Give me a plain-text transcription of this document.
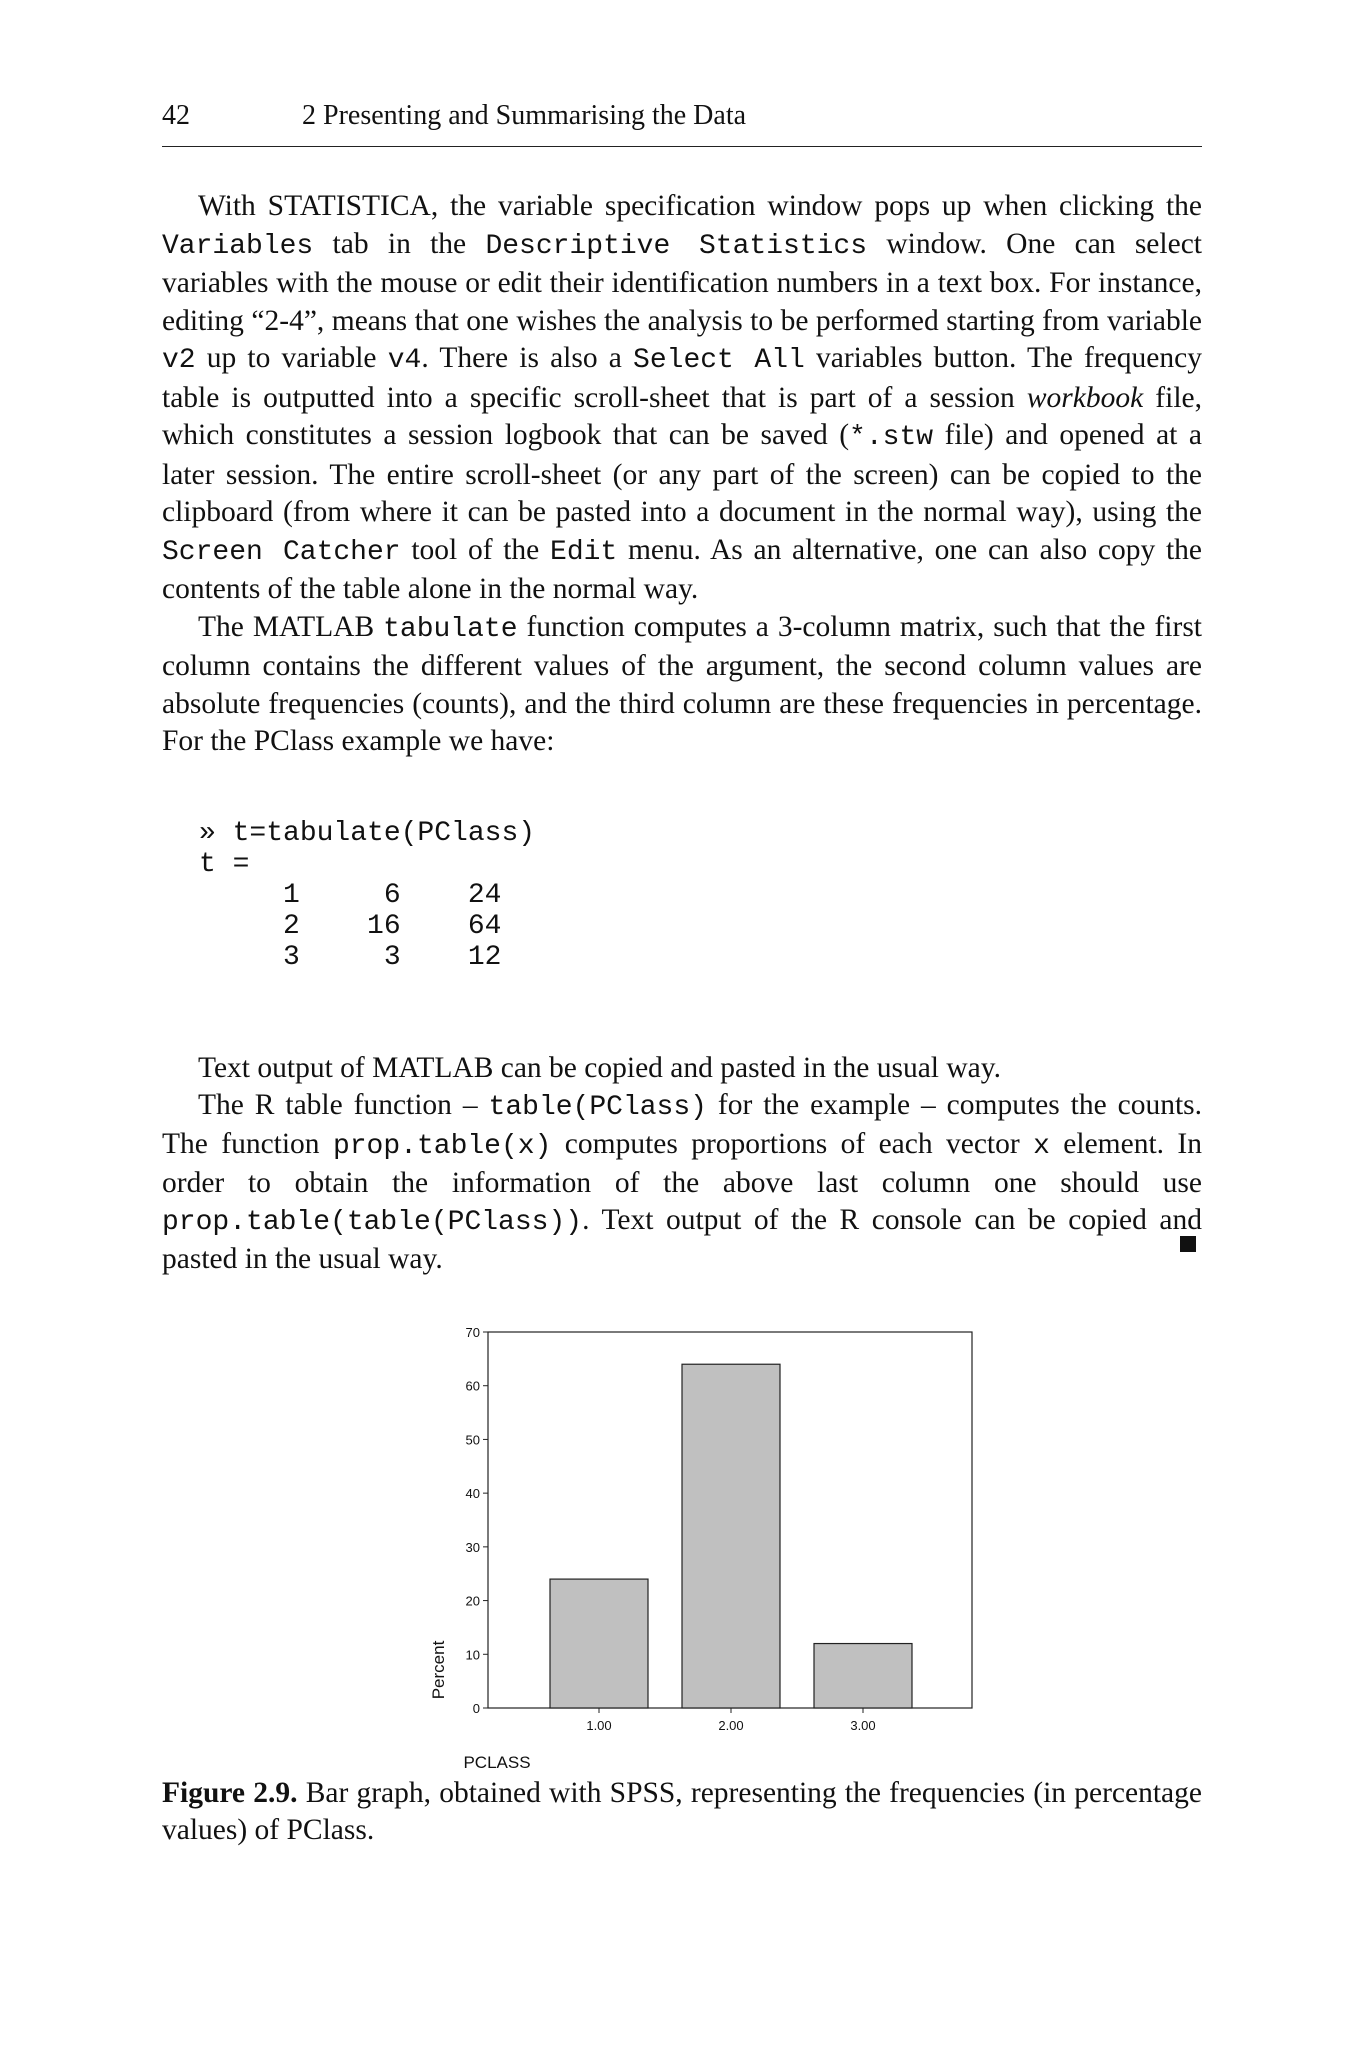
42	2 Presenting and Summarising the Data

With STATISTICA, the variable specification window pops up when clicking the Variables tab in the Descriptive Statistics window. One can select variables with the mouse or edit their identification numbers in a text box. For instance, editing “2-4”, means that one wishes the analysis to be performed starting from variable v2 up to variable v4. There is also a Select All variables button. The frequency table is outputted into a specific scroll-sheet that is part of a session workbook file, which constitutes a session logbook that can be saved (*.stw file) and opened at a later session. The entire scroll-sheet (or any part of the screen) can be copied to the clipboard (from where it can be pasted into a document in the normal way), using the Screen Catcher tool of the Edit menu. As an alternative, one can also copy the contents of the table alone in the normal way.

The MATLAB tabulate function computes a 3-column matrix, such that the first column contains the different values of the argument, the second column values are absolute frequencies (counts), and the third column are these frequencies in percentage. For the PClass example we have:

» t=tabulate(PClass)
t =
1     6    24
2    16    64
3     3    12

Text output of MATLAB can be copied and pasted in the usual way.

The R table function – table(PClass) for the example – computes the counts. The function prop.table(x) computes proportions of each vector x element. In order to obtain the information of the above last column one should use prop.table(table(PClass)). Text output of the R console can be copied and pasted in the usual way.

0
10
20
30
40
50
60
70
1.00	2.00	3.00
Percent
PCLASS
Figure 2.9. Bar graph, obtained with SPSS, representing the frequencies (in percentage values) of PClass.
